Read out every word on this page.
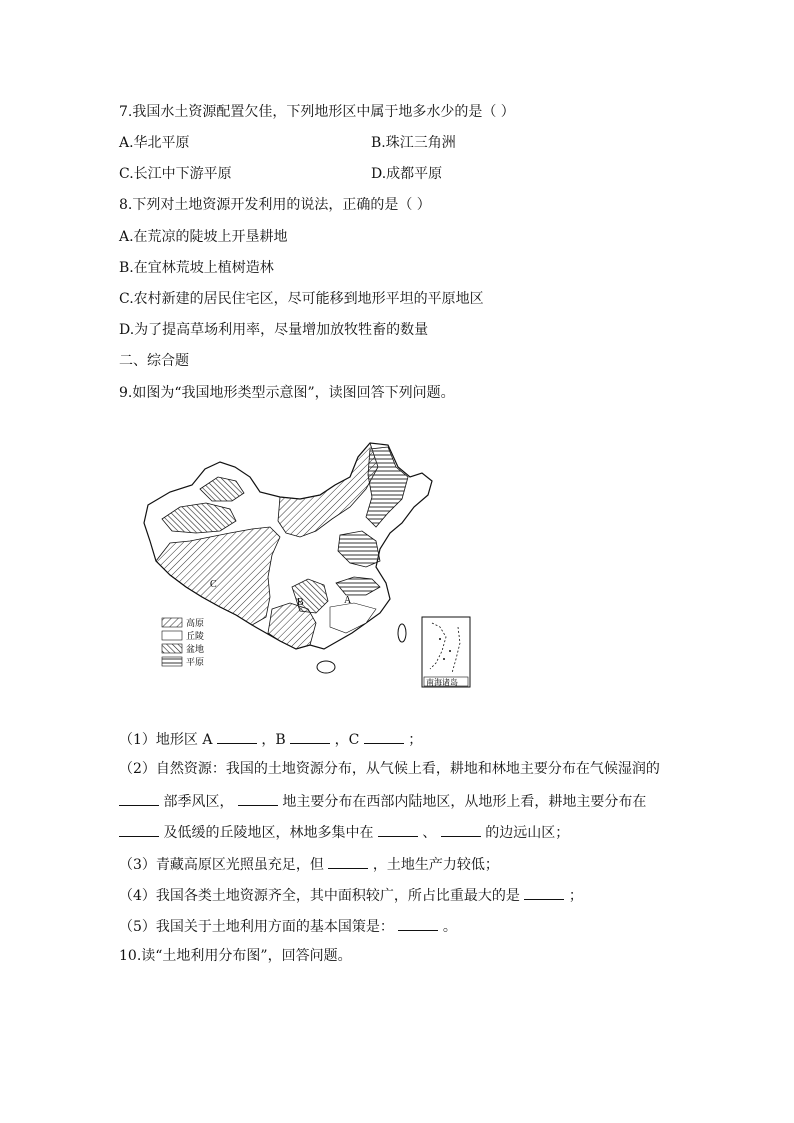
7.我国水土资源配置欠佳，下列地形区中属于地多水少的是（ ）
A.华北平原	B.珠江三角洲
C.长江中下游平原	D.成都平原
8.下列对土地资源开发利用的说法，正确的是（ ）
A.在荒凉的陡坡上开垦耕地
B.在宜林荒坡上植树造林
C.农村新建的居民住宅区，尽可能移到地形平坦的平原地区
D.为了提高草场利用率，尽量增加放牧牲畜的数量
二、综合题
9.如图为“我国地形类型示意图”，读图回答下列问题。
A
B
C
高原
丘陵
盆地
平原
南海诸岛
（1）地形区 A	，B	，C	；
（2）自然资源：我国的土地资源分布，从气候上看，耕地和林地主要分布在气候湿润的
部季风区，	地主要分布在西部内陆地区，从地形上看，耕地主要分布在
及低缓的丘陵地区，林地多集中在	、	的边远山区；
（3）青藏高原区光照虽充足，但	，土地生产力较低；
（4）我国各类土地资源齐全，其中面积较广，所占比重最大的是	；
（5）我国关于土地利用方面的基本国策是：	。
10.读“土地利用分布图”，回答问题。
